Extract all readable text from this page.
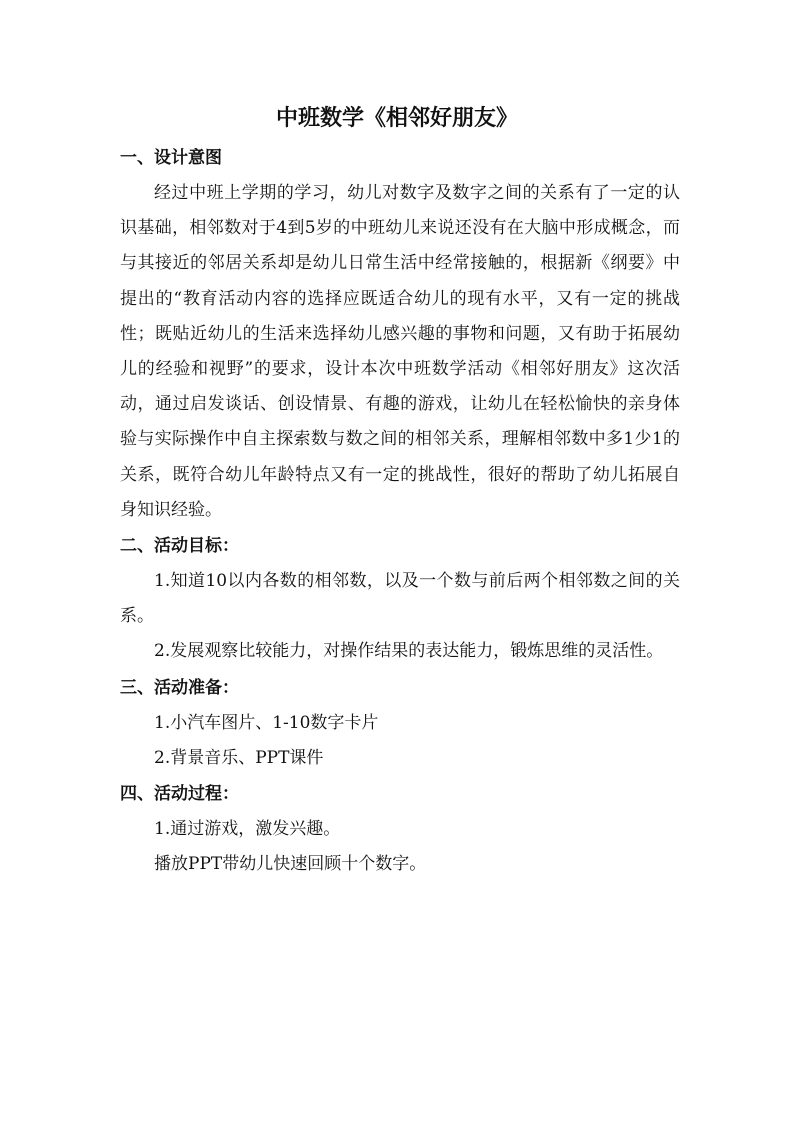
中班数学《相邻好朋友》
一、设计意图

经过中班上学期的学习，幼儿对数字及数字之间的关系有了一定的认识基础，相邻数对于4到5岁的中班幼儿来说还没有在大脑中形成概念，而与其接近的邻居关系却是幼儿日常生活中经常接触的，根据新《纲要》中提出的“教育活动内容的选择应既适合幼儿的现有水平，又有一定的挑战性；既贴近幼儿的生活来选择幼儿感兴趣的事物和问题，又有助于拓展幼儿的经验和视野”的要求，设计本次中班数学活动《相邻好朋友》这次活动，通过启发谈话、创设情景、有趣的游戏，让幼儿在轻松愉快的亲身体验与实际操作中自主探索数与数之间的相邻关系，理解相邻数中多1少1的关系，既符合幼儿年龄特点又有一定的挑战性，很好的帮助了幼儿拓展自身知识经验。

二、活动目标：

1.知道10以内各数的相邻数，以及一个数与前后两个相邻数之间的关系。

2.发展观察比较能力，对操作结果的表达能力，锻炼思维的灵活性。

三、活动准备：

1.小汽车图片、1-10数字卡片

2.背景音乐、PPT课件

四、活动过程：

1.通过游戏，激发兴趣。

播放PPT带幼儿快速回顾十个数字。
